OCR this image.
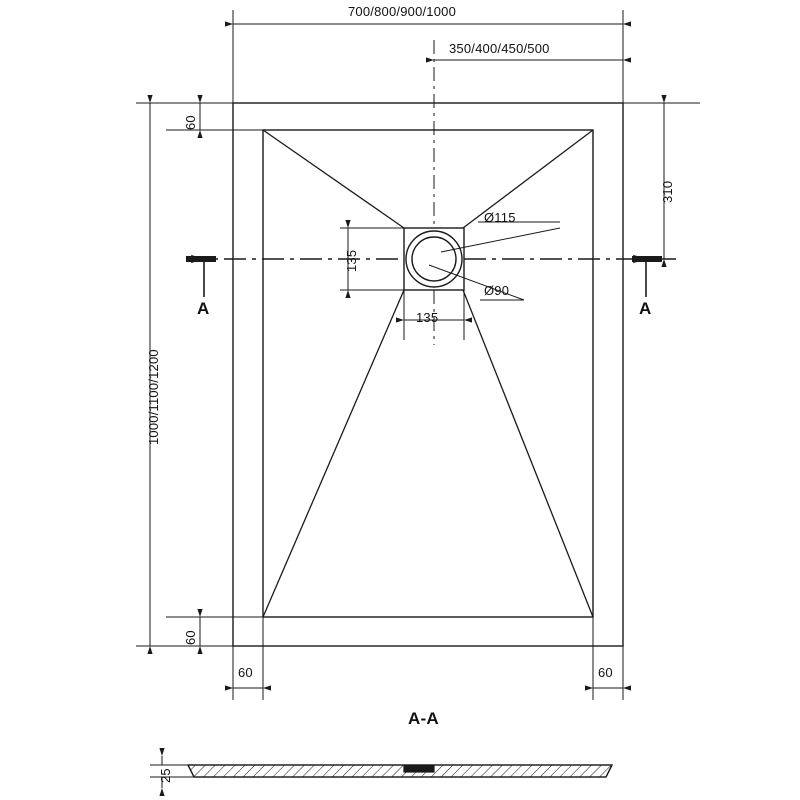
700/800/900/1000
350/400/450/500
1000/1100/1200
310
60
60
60	60
135
135
Ø115
Ø90
A	A
A-A
25
